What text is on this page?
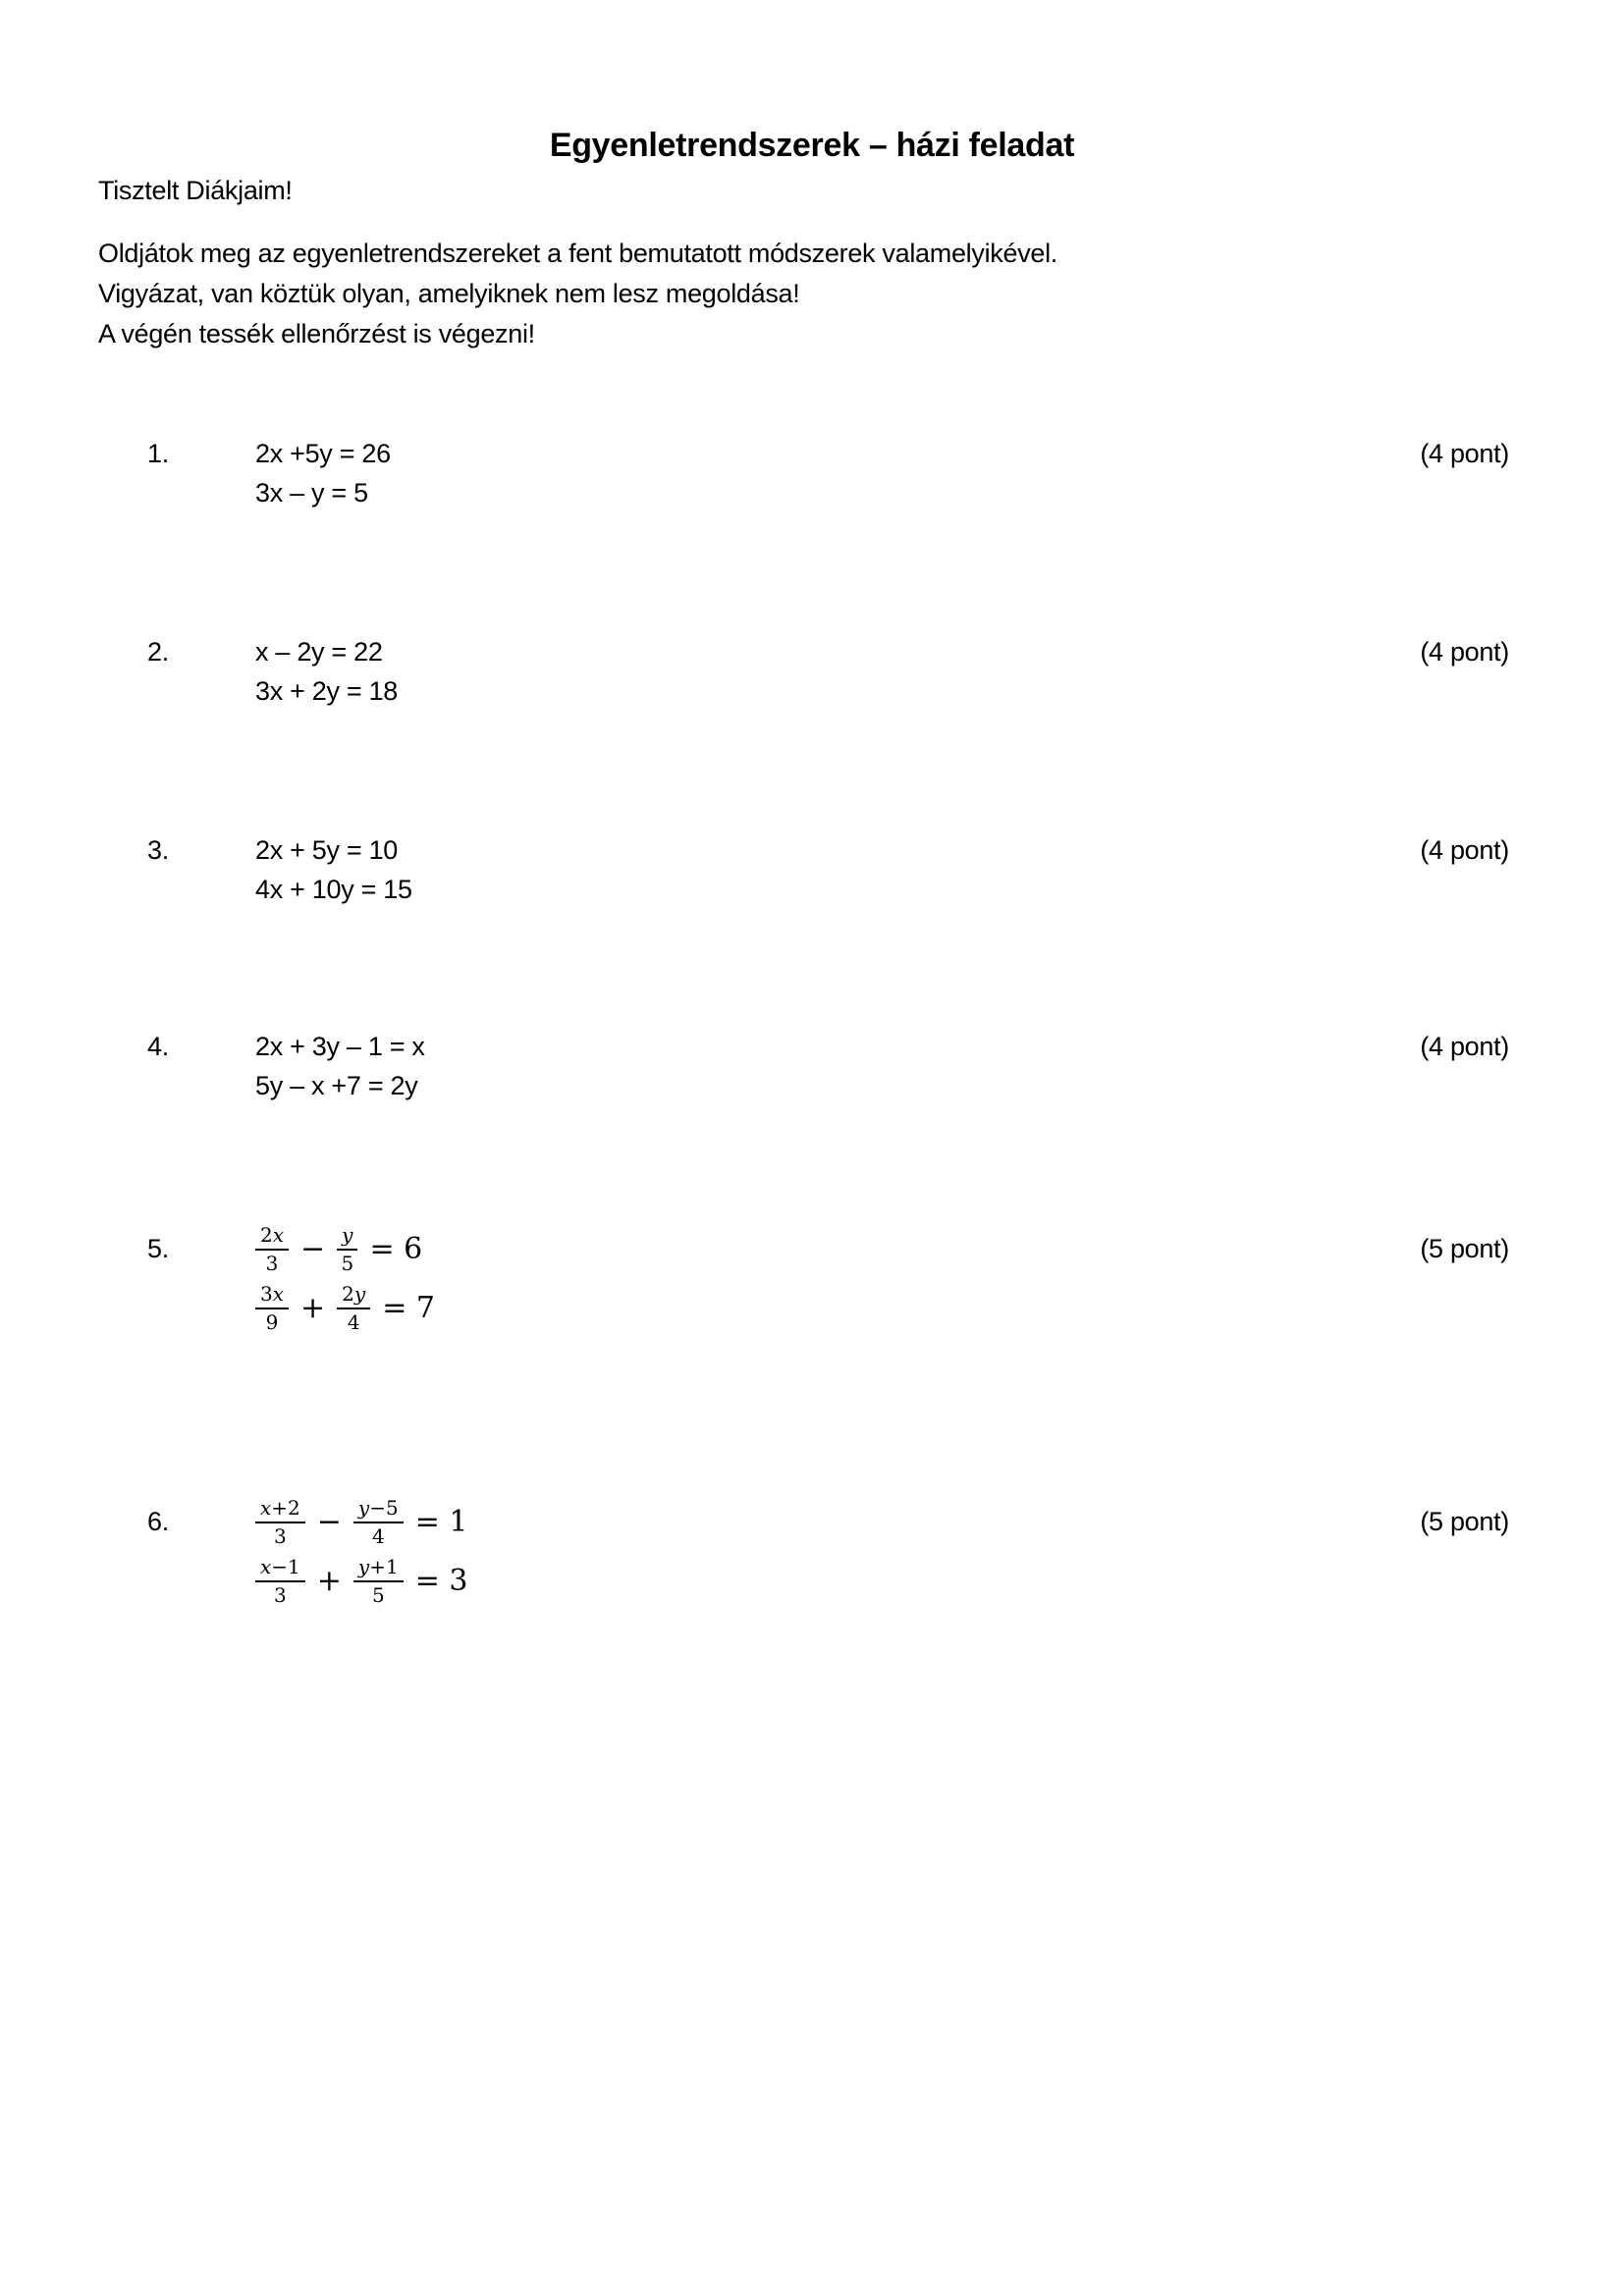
Egyenletrendszerek – házi feladat
Tisztelt Diákjaim!
Oldjátok meg az egyenletrendszereket a fent bemutatott módszerek valamelyikével.
Vigyázat, van köztük olyan, amelyiknek nem lesz megoldása!
A végén tessék ellenőrzést is végezni!
1.	2x +5y = 26
3x – y = 5
(4 pont)
2.	x – 2y = 22
3x + 2y = 18
(4 pont)
3.	2x + 5y = 10
4x + 10y = 15
(4 pont)
4.	2x + 3y – 1 = x
5y – x +7 = 2y
(4 pont)
5.	$\frac{2x}{3} - \frac{y}{5} = 6$
$\frac{3x}{9} + \frac{2y}{4} = 7$
(5 pont)
6.	$\frac{x+2}{3} - \frac{y-5}{4} = 1$
$\frac{x-1}{3} + \frac{y+1}{5} = 3$
(5 pont)
